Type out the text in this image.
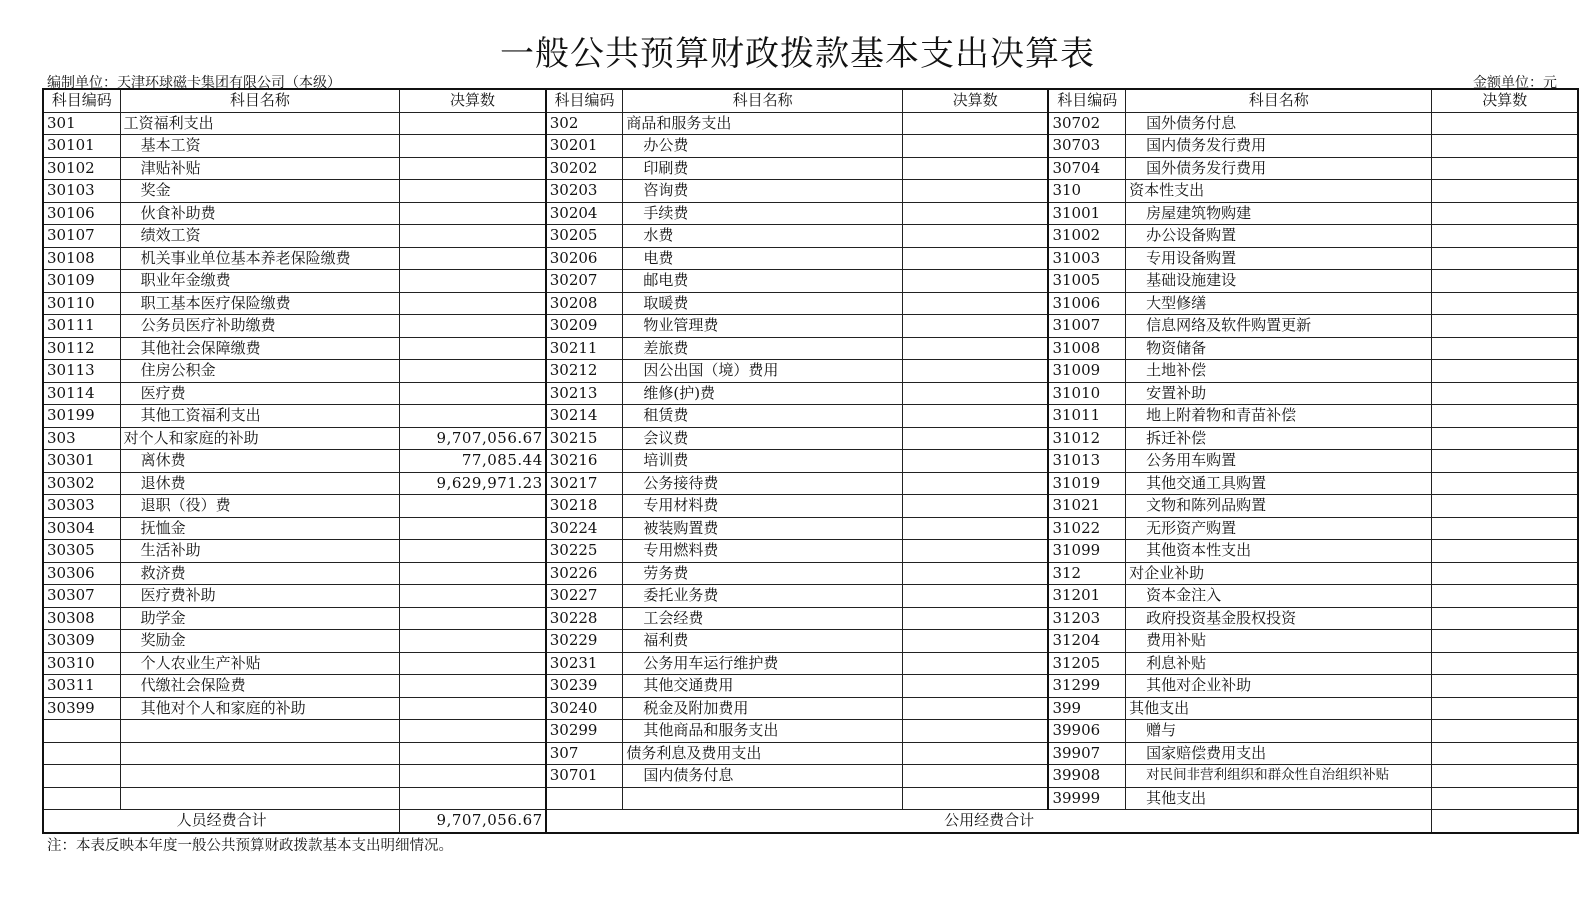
一般公共预算财政拨款基本支出决算表
编制单位：天津环球磁卡集团有限公司（本级）	金额单位：元
科目编码	科目名称	决算数	科目编码	科目名称	决算数	科目编码	科目名称	决算数
301	工资福利支出		302	商品和服务支出		30702	国外债务付息	
30101	基本工资		30201	办公费		30703	国内债务发行费用	
30102	津贴补贴		30202	印刷费		30704	国外债务发行费用	
30103	奖金		30203	咨询费		310	资本性支出	
30106	伙食补助费		30204	手续费		31001	房屋建筑物购建	
30107	绩效工资		30205	水费		31002	办公设备购置	
30108	机关事业单位基本养老保险缴费		30206	电费		31003	专用设备购置	
30109	职业年金缴费		30207	邮电费		31005	基础设施建设	
30110	职工基本医疗保险缴费		30208	取暖费		31006	大型修缮	
30111	公务员医疗补助缴费		30209	物业管理费		31007	信息网络及软件购置更新	
30112	其他社会保障缴费		30211	差旅费		31008	物资储备	
30113	住房公积金		30212	因公出国（境）费用		31009	土地补偿	
30114	医疗费		30213	维修(护)费		31010	安置补助	
30199	其他工资福利支出		30214	租赁费		31011	地上附着物和青苗补偿	
303	对个人和家庭的补助	9,707,056.67	30215	会议费		31012	拆迁补偿	
30301	离休费	77,085.44	30216	培训费		31013	公务用车购置	
30302	退休费	9,629,971.23	30217	公务接待费		31019	其他交通工具购置	
30303	退职（役）费		30218	专用材料费		31021	文物和陈列品购置	
30304	抚恤金		30224	被装购置费		31022	无形资产购置	
30305	生活补助		30225	专用燃料费		31099	其他资本性支出	
30306	救济费		30226	劳务费		312	对企业补助	
30307	医疗费补助		30227	委托业务费		31201	资本金注入	
30308	助学金		30228	工会经费		31203	政府投资基金股权投资	
30309	奖励金		30229	福利费		31204	费用补贴	
30310	个人农业生产补贴		30231	公务用车运行维护费		31205	利息补贴	
30311	代缴社会保险费		30239	其他交通费用		31299	其他对企业补助	
30399	其他对个人和家庭的补助		30240	税金及附加费用		399	其他支出	
			30299	其他商品和服务支出		39906	赠与	
			307	债务利息及费用支出		39907	国家赔偿费用支出	
			30701	国内债务付息		39908	对民间非营利组织和群众性自治组织补贴	
						39999	其他支出	
人员经费合计		9,707,056.67	公用经费合计					
注：本表反映本年度一般公共预算财政拨款基本支出明细情况。
